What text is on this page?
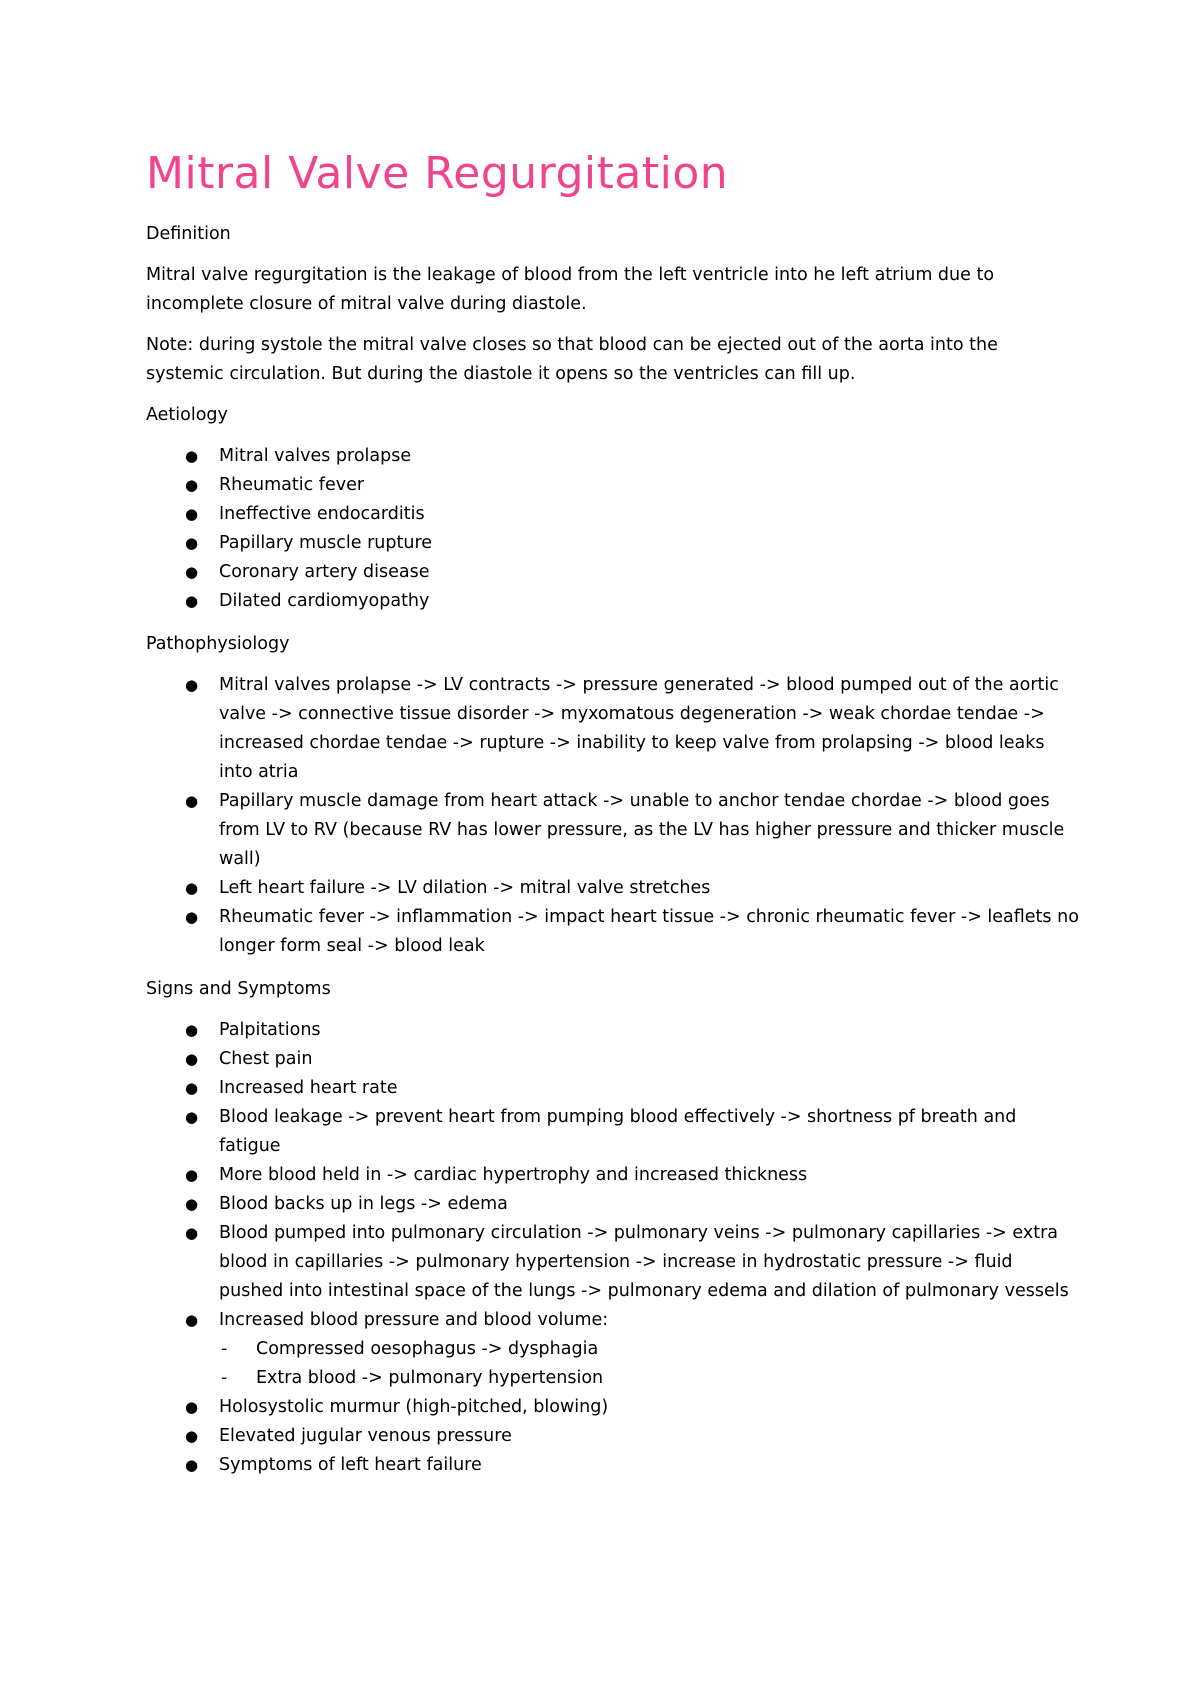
Mitral Valve Regurgitation
Definition

Mitral valve regurgitation is the leakage of blood from the left ventricle into he left atrium due to incomplete closure of mitral valve during diastole.

Note: during systole the mitral valve closes so that blood can be ejected out of the aorta into the systemic circulation. But during the diastole it opens so the ventricles can fill up.

Aetiology
● Mitral valves prolapse
● Rheumatic fever
● Ineffective endocarditis
● Papillary muscle rupture
● Coronary artery disease
● Dilated cardiomyopathy
Pathophysiology
● Mitral valves prolapse -> LV contracts -> pressure generated -> blood pumped out of the aortic valve -> connective tissue disorder -> myxomatous degeneration -> weak chordae tendae -> increased chordae tendae -> rupture -> inability to keep valve from prolapsing -> blood leaks into atria
● Papillary muscle damage from heart attack -> unable to anchor tendae chordae -> blood goes from LV to RV (because RV has lower pressure, as the LV has higher pressure and thicker muscle wall)
● Left heart failure -> LV dilation -> mitral valve stretches
● Rheumatic fever -> inflammation -> impact heart tissue -> chronic rheumatic fever -> leaflets no longer form seal -> blood leak
Signs and Symptoms
● Palpitations
● Chest pain
● Increased heart rate
● Blood leakage -> prevent heart from pumping blood effectively -> shortness pf breath and fatigue
● More blood held in -> cardiac hypertrophy and increased thickness
● Blood backs up in legs -> edema
● Blood pumped into pulmonary circulation -> pulmonary veins -> pulmonary capillaries -> extra blood in capillaries -> pulmonary hypertension -> increase in hydrostatic pressure -> fluid pushed into intestinal space of the lungs -> pulmonary edema and dilation of pulmonary vessels
● Increased blood pressure and blood volume:
- Compressed oesophagus -> dysphagia
- Extra blood -> pulmonary hypertension
● Holosystolic murmur (high-pitched, blowing)
● Elevated jugular venous pressure
● Symptoms of left heart failure
